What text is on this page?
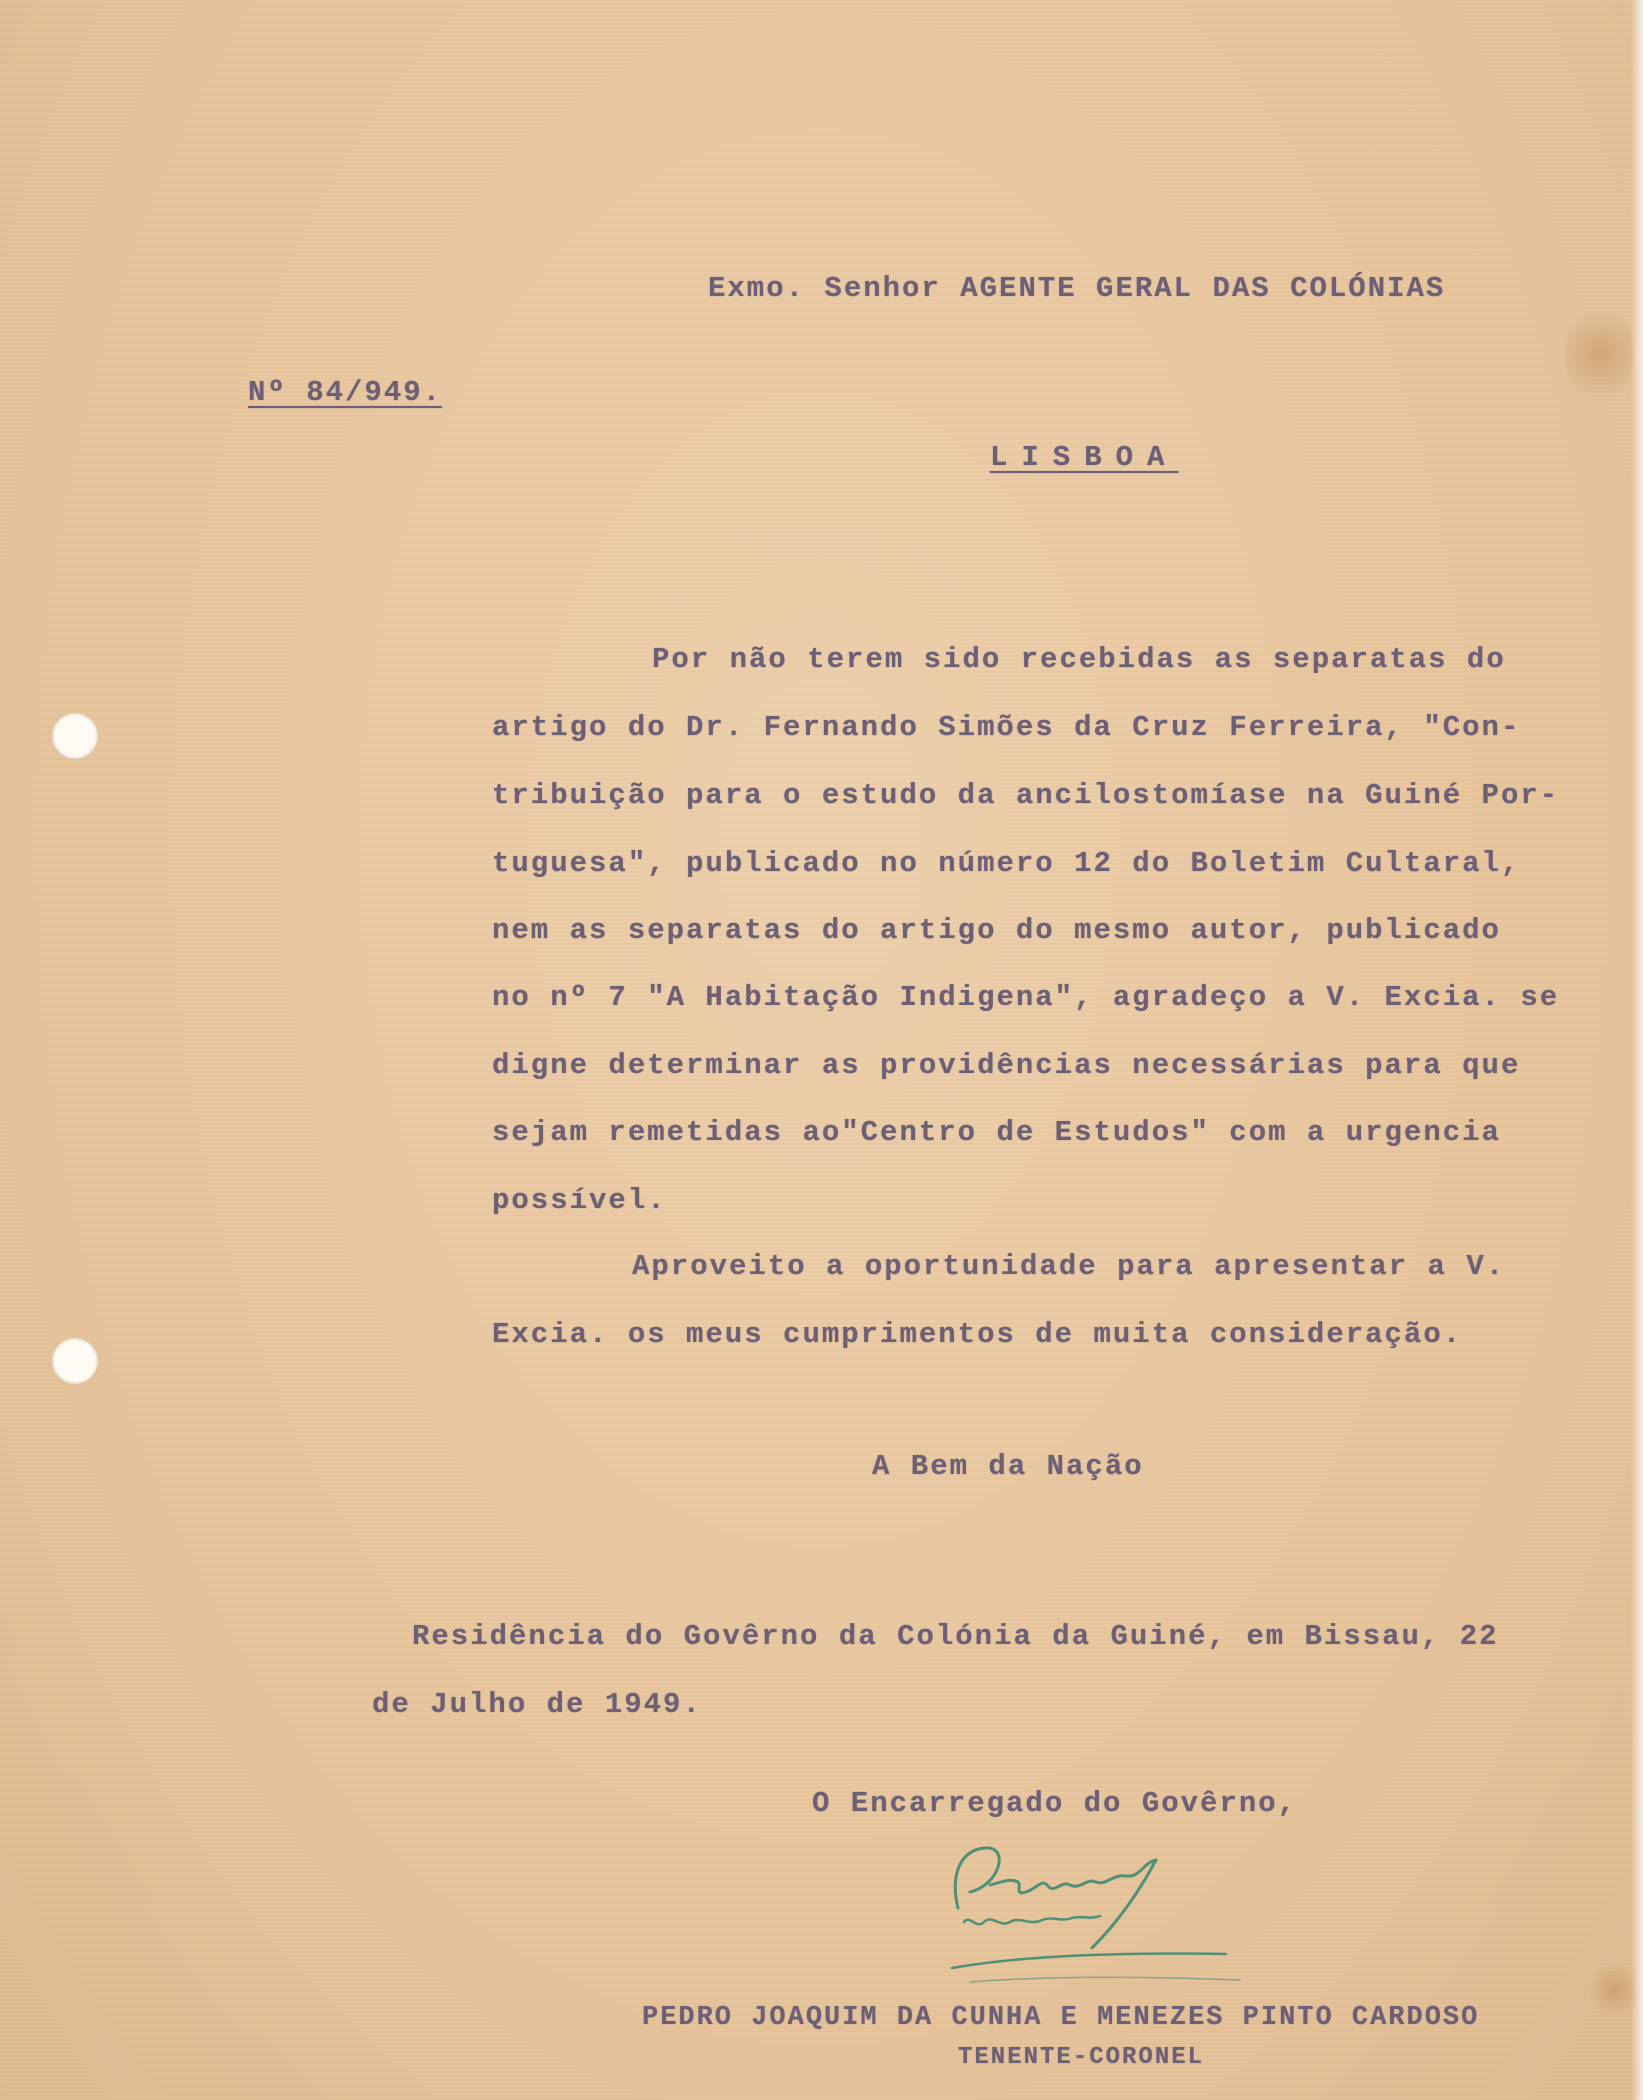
Exmo. Senhor AGENTE GERAL DAS COLÓNIAS

Nº 84/949.

LISBOA

Por não terem sido recebidas as separatas do

artigo do Dr. Fernando Simões da Cruz Ferreira, "Con-

tribuição para o estudo da ancilostomíase na Guiné Por-

tuguesa", publicado no número 12 do Boletim Cultaral,

nem as separatas do artigo do mesmo autor, publicado

no nº 7 "A Habitação Indigena", agradeço a V. Excia. se

digne determinar as providências necessárias para que

sejam remetidas ao"Centro de Estudos" com a urgencia

possível.

Aproveito a oportunidade para apresentar a V.

Excia. os meus cumprimentos de muita consideração.

A Bem da Nação

Residência do Govêrno da Colónia da Guiné, em Bissau, 22

de Julho de 1949.

O Encarregado do Govêrno,

PEDRO JOAQUIM DA CUNHA E MENEZES PINTO CARDOSO

TENENTE-CORONEL
